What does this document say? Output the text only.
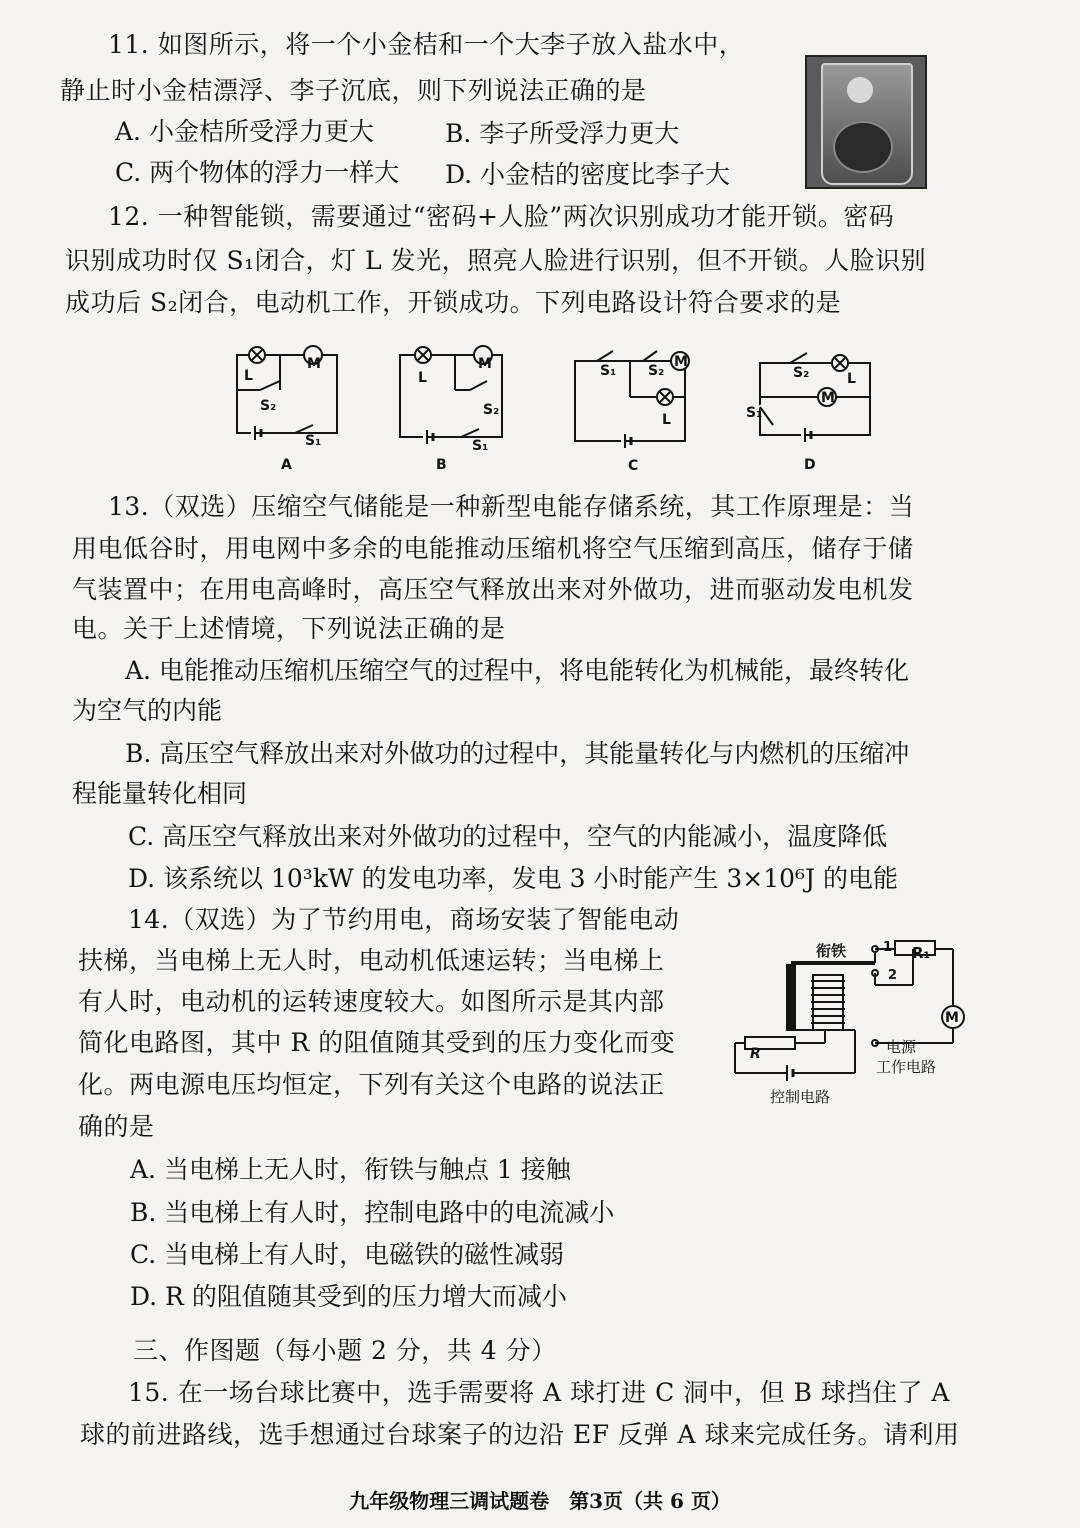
11. 如图所示，将一个小金桔和一个大李子放入盐水中，
静止时小金桔漂浮、李子沉底，则下列说法正确的是
A. 小金桔所受浮力更大	B. 李子所受浮力更大
C. 两个物体的浮力一样大 D. 小金桔的密度比李子大
12. 一种智能锁，需要通过“密码+人脸”两次识别成功才能开锁。密码
识别成功时仅 S₁闭合，灯 L 发光，照亮人脸进行识别，但不开锁。人脸识别
成功后 S₂闭合，电动机工作，开锁成功。下列电路设计符合要求的是
L
M
S₂
S₁
A
L
M
S₂
S₁
B
S₁ S₂
M
L
C
S₂	L
M
S₁
D
13.（双选）压缩空气储能是一种新型电能存储系统，其工作原理是：当
用电低谷时，用电网中多余的电能推动压缩机将空气压缩到高压，储存于储
气装置中；在用电高峰时，高压空气释放出来对外做功，进而驱动发电机发
电。关于上述情境，下列说法正确的是
A. 电能推动压缩机压缩空气的过程中，将电能转化为机械能，最终转化
为空气的内能
B. 高压空气释放出来对外做功的过程中，其能量转化与内燃机的压缩冲
程能量转化相同
C. 高压空气释放出来对外做功的过程中，空气的内能减小，温度降低
D. 该系统以 10³kW 的发电功率，发电 3 小时能产生 3×10⁶J 的电能
14.（双选）为了节约用电，商场安装了智能电动
扶梯，当电梯上无人时，电动机低速运转；当电梯上
有人时，电动机的运转速度较大。如图所示是其内部
简化电路图，其中 R 的阻值随其受到的压力变化而变
化。两电源电压均恒定，下列有关这个电路的说法正
确的是
衔铁	1
2
R₁
M
电源
工作电路
R
控制电路
A. 当电梯上无人时，衔铁与触点 1 接触
B. 当电梯上有人时，控制电路中的电流减小
C. 当电梯上有人时，电磁铁的磁性减弱
D. R 的阻值随其受到的压力增大而减小
三、作图题（每小题 2 分，共 4 分）
15. 在一场台球比赛中，选手需要将 A 球打进 C 洞中，但 B 球挡住了 A
球的前进路线，选手想通过台球案子的边沿 EF 反弹 A 球来完成任务。请利用
九年级物理三调试题卷　第3页（共 6 页）
